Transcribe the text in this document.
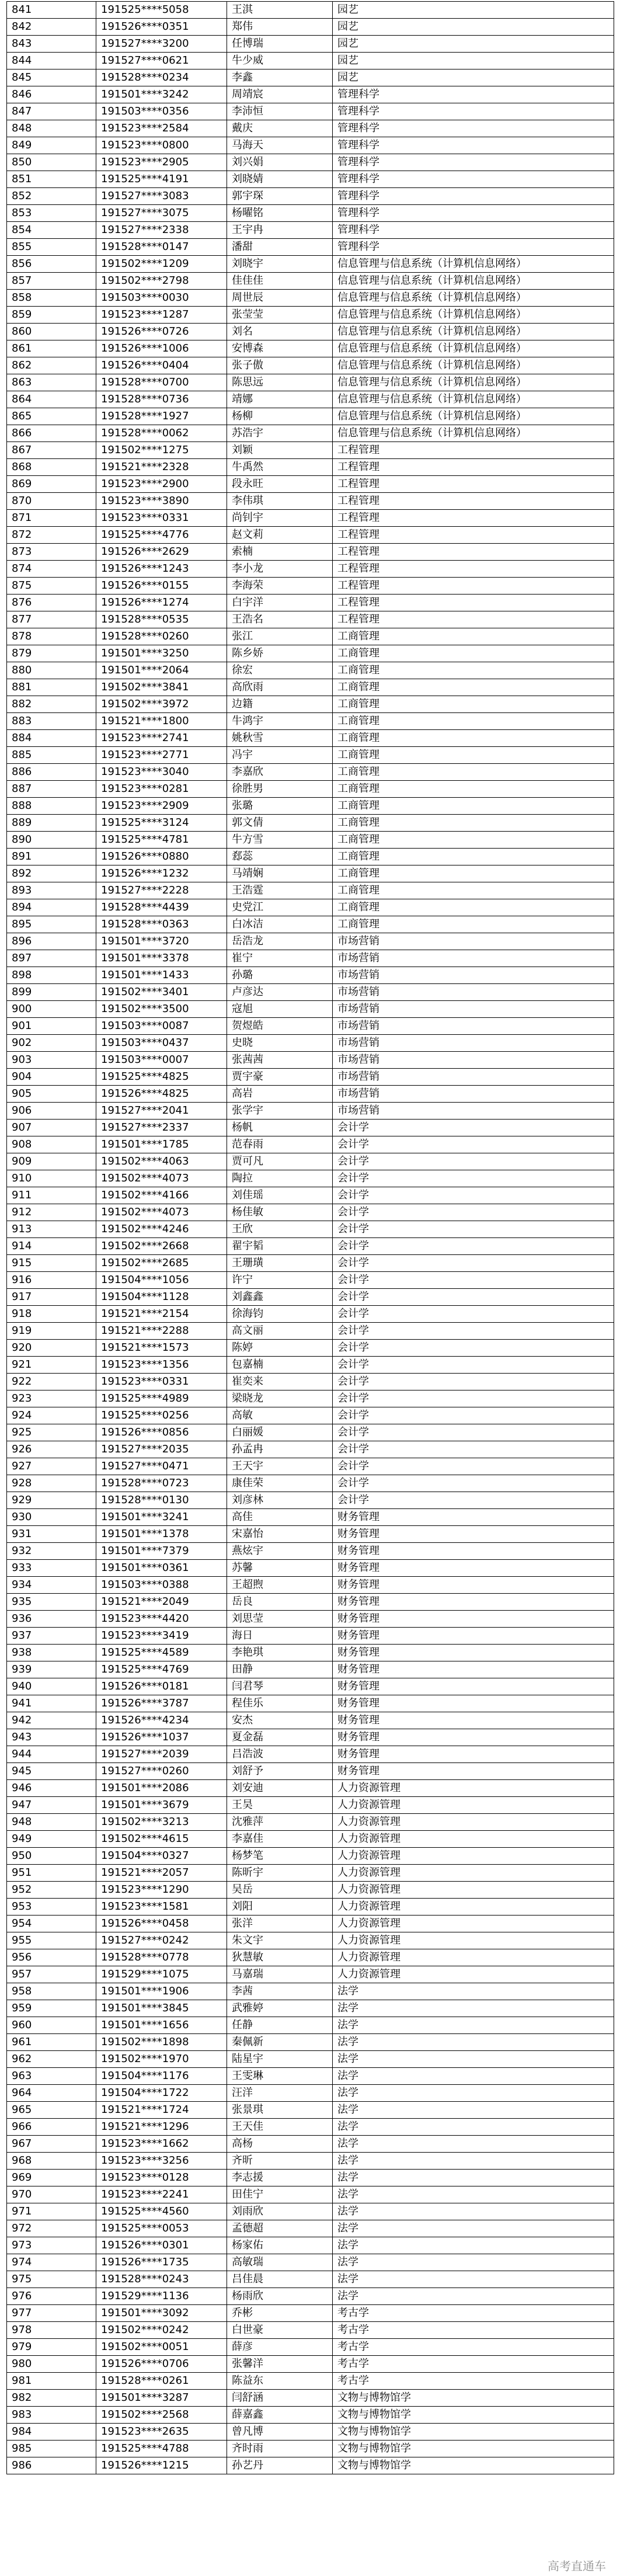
841	191525****5058	王淇	园艺
842	191526****0351	郑伟	园艺
843	191527****3200	任博瑞	园艺
844	191527****0621	牛少威	园艺
845	191528****0234	李鑫	园艺
846	191501****3242	周靖宸	管理科学
847	191503****0356	李沛恒	管理科学
848	191523****2584	戴庆	管理科学
849	191523****0800	马海天	管理科学
850	191523****2905	刘兴娟	管理科学
851	191525****4191	刘晓婧	管理科学
852	191527****3083	郭宇琛	管理科学
853	191527****3075	杨曜铭	管理科学
854	191527****2338	王宇冉	管理科学
855	191528****0147	潘甜	管理科学
856	191502****1209	刘晓宇	信息管理与信息系统（计算机信息网络）
857	191502****2798	佳佳佳	信息管理与信息系统（计算机信息网络）
858	191503****0030	周世辰	信息管理与信息系统（计算机信息网络）
859	191523****1287	张莹莹	信息管理与信息系统（计算机信息网络）
860	191526****0726	刘名	信息管理与信息系统（计算机信息网络）
861	191526****1006	安博森	信息管理与信息系统（计算机信息网络）
862	191526****0404	张子傲	信息管理与信息系统（计算机信息网络）
863	191528****0700	陈思远	信息管理与信息系统（计算机信息网络）
864	191528****0736	靖娜	信息管理与信息系统（计算机信息网络）
865	191528****1927	杨柳	信息管理与信息系统（计算机信息网络）
866	191528****0062	苏浩宇	信息管理与信息系统（计算机信息网络）
867	191502****1275	刘颖	工程管理
868	191521****2328	牛禹然	工程管理
869	191523****2900	段永旺	工程管理
870	191523****3890	李伟琪	工程管理
871	191523****0331	尚钊宇	工程管理
872	191525****4776	赵文莉	工程管理
873	191526****2629	索楠	工程管理
874	191526****1243	李小龙	工程管理
875	191526****0155	李海荣	工程管理
876	191526****1274	白宇洋	工程管理
877	191528****0535	王浩名	工程管理
878	191528****0260	张江	工商管理
879	191501****3250	陈乡娇	工商管理
880	191501****2064	徐宏	工商管理
881	191502****3841	高欣雨	工商管理
882	191502****3972	边籍	工商管理
883	191521****1800	牛鸿宇	工商管理
884	191523****2741	姚秋雪	工商管理
885	191523****2771	冯宇	工商管理
886	191523****3040	李嘉欣	工商管理
887	191523****0281	徐胜男	工商管理
888	191523****2909	张璐	工商管理
889	191525****3124	郭文倩	工商管理
890	191525****4781	牛方雪	工商管理
891	191526****0880	郄蕊	工商管理
892	191526****1232	马靖娴	工商管理
893	191527****2228	王浩霆	工商管理
894	191528****4439	史党江	工商管理
895	191528****0363	白冰洁	工商管理
896	191501****3720	岳浩龙	市场营销
897	191501****3378	崔宁	市场营销
898	191501****1433	孙璐	市场营销
899	191502****3401	卢彦达	市场营销
900	191502****3500	寇旭	市场营销
901	191503****0087	贺煜皓	市场营销
902	191503****0437	史晓	市场营销
903	191503****0007	张茜茜	市场营销
904	191525****4825	贾宇豪	市场营销
905	191526****4825	高岩	市场营销
906	191527****2041	张学宇	市场营销
907	191527****2337	杨帆	会计学
908	191501****1785	范春雨	会计学
909	191502****4063	贾可凡	会计学
910	191502****4073	陶拉	会计学
911	191502****4166	刘佳瑶	会计学
912	191502****4073	杨佳敏	会计学
913	191502****4246	王欣	会计学
914	191502****2668	翟宇韬	会计学
915	191502****2685	王珊璜	会计学
916	191504****1056	许宁	会计学
917	191504****1128	刘鑫鑫	会计学
918	191521****2154	徐海钧	会计学
919	191521****2288	高文丽	会计学
920	191521****1573	陈婷	会计学
921	191523****1356	包嘉楠	会计学
922	191523****0331	崔奕来	会计学
923	191525****4989	梁晓龙	会计学
924	191525****0256	高敏	会计学
925	191526****0856	白丽媛	会计学
926	191527****2035	孙孟冉	会计学
927	191527****0471	王天宇	会计学
928	191528****0723	康佳荣	会计学
929	191528****0130	刘彦林	会计学
930	191501****3241	高佳	财务管理
931	191501****1378	宋嘉怡	财务管理
932	191501****7379	燕炫宇	财务管理
933	191501****0361	苏馨	财务管理
934	191503****0388	王超煦	财务管理
935	191521****2049	岳良	财务管理
936	191523****4420	刘思莹	财务管理
937	191523****3419	海日	财务管理
938	191525****4589	李艳琪	财务管理
939	191525****4769	田静	财务管理
940	191526****0181	闫君琴	财务管理
941	191526****3787	程佳乐	财务管理
942	191526****4234	安杰	财务管理
943	191526****1037	夏金磊	财务管理
944	191527****2039	吕浩波	财务管理
945	191527****0260	刘舒予	财务管理
946	191501****2086	刘安迪	人力资源管理
947	191501****3679	王昊	人力资源管理
948	191502****3213	沈雅萍	人力资源管理
949	191502****4615	李嘉佳	人力资源管理
950	191504****0327	杨梦笔	人力资源管理
951	191521****2057	陈昕宇	人力资源管理
952	191523****1290	吴岳	人力资源管理
953	191523****1581	刘阳	人力资源管理
954	191526****0458	张洋	人力资源管理
955	191527****0242	朱文宇	人力资源管理
956	191528****0778	狄慧敏	人力资源管理
957	191529****1075	马嘉瑞	人力资源管理
958	191501****1906	李茜	法学
959	191501****3845	武雅婷	法学
960	191501****1656	任静	法学
961	191502****1898	秦佩新	法学
962	191502****1970	陆星宇	法学
963	191504****1176	王雯琳	法学
964	191504****1722	汪洋	法学
965	191521****1724	张景琪	法学
966	191521****1296	王天佳	法学
967	191523****1662	高杨	法学
968	191523****3256	齐昕	法学
969	191523****0128	李志援	法学
970	191523****2241	田佳宁	法学
971	191525****4560	刘雨欣	法学
972	191525****0053	孟德超	法学
973	191526****0301	杨家佑	法学
974	191526****1735	高敏瑞	法学
975	191528****0243	吕佳晨	法学
976	191529****1136	杨雨欣	法学
977	191501****3092	乔彬	考古学
978	191502****0242	白世豪	考古学
979	191502****0051	薛彦	考古学
980	191526****0706	张馨洋	考古学
981	191528****0261	陈益东	考古学
982	191501****3287	闫舒涵	文物与博物馆学
983	191502****2568	薛嘉鑫	文物与博物馆学
984	191523****2635	曾凡博	文物与博物馆学
985	191525****4788	齐时雨	文物与博物馆学
986	191526****1215	孙艺丹	文物与博物馆学
高考直通车
